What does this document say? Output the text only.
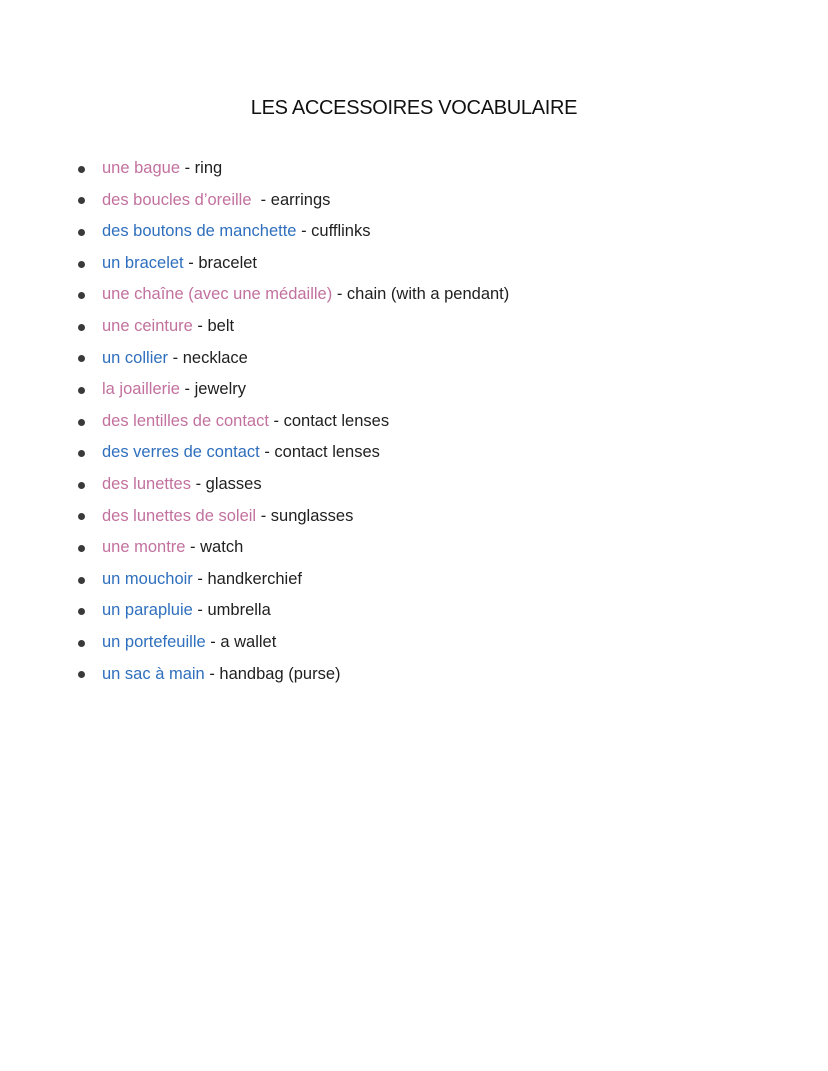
LES ACCESSOIRES VOCABULAIRE
une bague - ring
des boucles d’oreille  - earrings
des boutons de manchette - cufflinks
un bracelet - bracelet
une chaîne (avec une médaille) - chain (with a pendant)
une ceinture - belt
un collier - necklace
la joaillerie - jewelry
des lentilles de contact - contact lenses
des verres de contact - contact lenses
des lunettes - glasses
des lunettes de soleil - sunglasses
une montre - watch
un mouchoir - handkerchief
un parapluie - umbrella
un portefeuille - a wallet
un sac à main - handbag (purse)
